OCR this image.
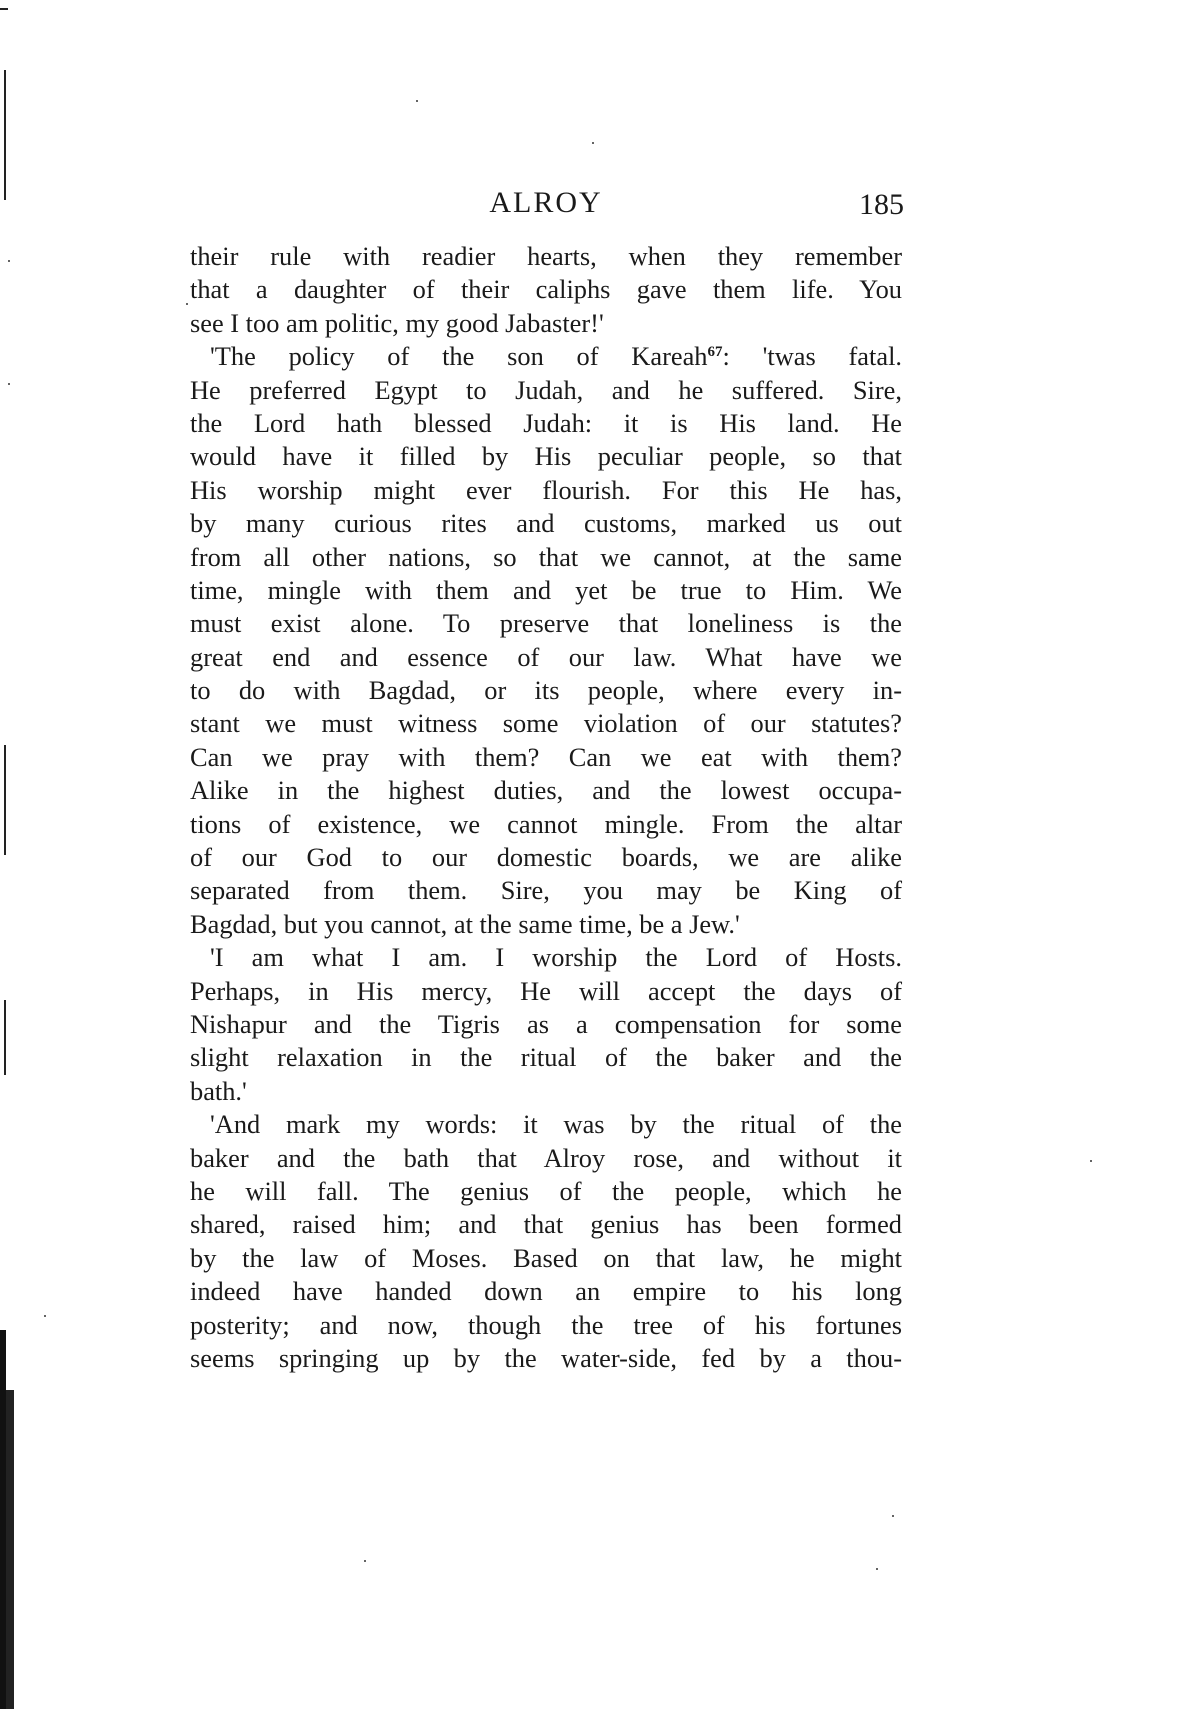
ALROY	185
their rule with readier hearts, when they remember
that a daughter of their caliphs gave them life. You
see I too am politic, my good Jabaster!'
'The policy of the son of Kareah$^{67}$: 'twas fatal.
He preferred Egypt to Judah, and he suffered. Sire,
the Lord hath blessed Judah: it is His land. He
would have it filled by His peculiar people, so that
His worship might ever flourish. For this He has,
by many curious rites and customs, marked us out
from all other nations, so that we cannot, at the same
time, mingle with them and yet be true to Him. We
must exist alone. To preserve that loneliness is the
great end and essence of our law. What have we
to do with Bagdad, or its people, where every in-
stant we must witness some violation of our statutes?
Can we pray with them? Can we eat with them?
Alike in the highest duties, and the lowest occupa-
tions of existence, we cannot mingle. From the altar
of our God to our domestic boards, we are alike
separated from them. Sire, you may be King of
Bagdad, but you cannot, at the same time, be a Jew.'
'I am what I am. I worship the Lord of Hosts.
Perhaps, in His mercy, He will accept the days of
Nishapur and the Tigris as a compensation for some
slight relaxation in the ritual of the baker and the
bath.'
'And mark my words: it was by the ritual of the
baker and the bath that Alroy rose, and without it
he will fall. The genius of the people, which he
shared, raised him; and that genius has been formed
by the law of Moses. Based on that law, he might
indeed have handed down an empire to his long
posterity; and now, though the tree of his fortunes
seems springing up by the water-side, fed by a thou-
